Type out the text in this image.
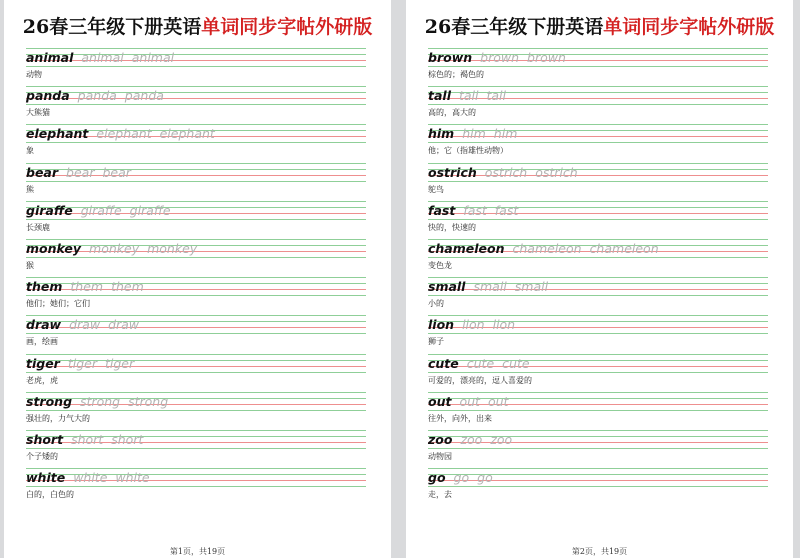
26春三年级下册英语单词同步字帖外研版
animal animal animal
动物
panda panda panda
大熊猫
elephant elephant elephant
象
bear bear bear
熊
giraffe giraffe giraffe
长颈鹿
monkey monkey monkey
猴
them them them
他们；她们；它们
draw draw draw
画，绘画
tiger tiger tiger
老虎，虎
strong strong strong
强壮的，力气大的
short short short
个子矮的
white white white
白的，白色的
第1页，共19页
26春三年级下册英语单词同步字帖外研版
brown brown brown
棕色的；褐色的
tall tall tall
高的，高大的
him him him
他；它（指雄性动物）
ostrich ostrich ostrich
鸵鸟
fast fast fast
快的，快速的
chameleon chameleon chameleon
变色龙
small small small
小的
lion lion lion
狮子
cute cute cute
可爱的，漂亮的，逗人喜爱的
out out out
往外，向外，出来
zoo zoo zoo
动物园
go go go
走，去
第2页，共19页
